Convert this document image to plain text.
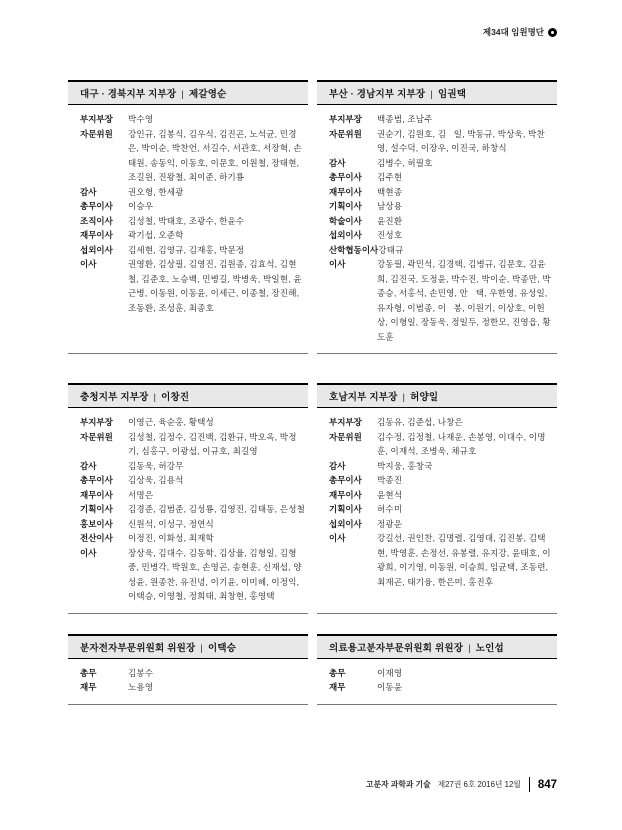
제34대 임원명단
대구 · 경북지부 지부장 | 제갈영순
부지부장	박수영
자문위원	강인규, 김봉식, 김우식, 김진곤, 노석균, 민경은, 박이순, 박찬언, 서길수, 서관호, 서장혁, 손태원, 송동익, 이동호, 이문호, 이원철, 장태현, 조길원, 진왕철, 최이준, 하기룡
감사	권오형, 한세광
총무이사	이승우
조직이사	김성철, 박태호, 조광수, 한윤수
재무이사	곽기섭, 오준학
섭외이사	김세현, 김영규, 김재홍, 박문정
이사	권영환, 김상필, 김영진, 김원종, 김효석, 김현철, 김준호, 노승백, 민병길, 박병욱, 박일현, 윤근병, 이동원, 이동윤, 이세근, 이종철, 장진해, 조동환, 조성훈, 최종호
부산 · 경남지부 지부장 | 임권택
부지부장	백종범, 조남주
자문위원	권순기, 김원호, 김   일, 박동규, 박상욱, 박찬영, 설수덕, 이장우, 이진국, 하창식
감사	김병수, 허필호
총무이사	김주현
재무이사	백현종
기획이사	남상용
학술이사	윤진환
섭외이사	진성호
산학협동이사 강태규
이사	강동필, 곽민석, 김경택, 김병규, 김문호, 김윤희, 김진국, 도정윤, 박수진, 박이순, 박종만, 박종승, 서홍석, 손민영, 안   택, 우한영, 유성일, 유자형, 이범종, 이   봉, 이원기, 이상호, 이헌상, 이형일, 장동욱, 정일두, 정한모, 진영읍, 황도훈
충청지부 지부장 | 이창진
부지부장	이영근, 육순홍, 황택성
자문위원	김성철, 김정수, 김진백, 김환규, 박오옥, 박정기, 심홍구, 이광섭, 이규호, 최길영
감사	김동욱, 허강무
총무이사	김상욱, 김용석
재무이사	서명은
기획이사	김경준, 김범준, 김성룡, 김영진, 김태동, 은성철
홍보이사	신원석, 이성구, 정연식
전산이사	이정진, 이화성, 최재학
이사	장상욱, 김대수, 김동학, 김상율, 김형일, 김형중, 민병각, 박원호, 손영곤, 송현훈, 신재섭, 양성윤, 원종찬, 유진녕, 이기윤, 이미혜, 이정익, 이택승, 이영철, 정희태, 최창현, 홍영택
호남지부 지부장 | 허양일
부지부장	김동유, 김준섭, 나창은
자문위원	김수정, 김정철, 나재운, 손봉영, 이대수, 이명훈, 이재석, 조병욱, 채규호
감사	박지웅, 홍창국
총무이사	박종진
재무이사	윤현석
기획이사	허수미
섭외이사	정광운
이사	강길선, 권인찬, 김명렬, 김영대, 김진봉, 김택현, 박영훈, 손정선, 유봉렬, 유지강, 윤태호, 이광희, 이기영, 이동원, 이승희, 임균택, 조동련, 최재곤, 태기융, 한은미, 홍진후
분자전자부문위원회 위원장 | 이택승
총무	김봉수
재무	노용영
의료용고분자부문위원회 위원장 | 노인섭
총무	이재영
재무	이동윤
고분자 과학과 기술 제27권 6호 2016년 12월 847
